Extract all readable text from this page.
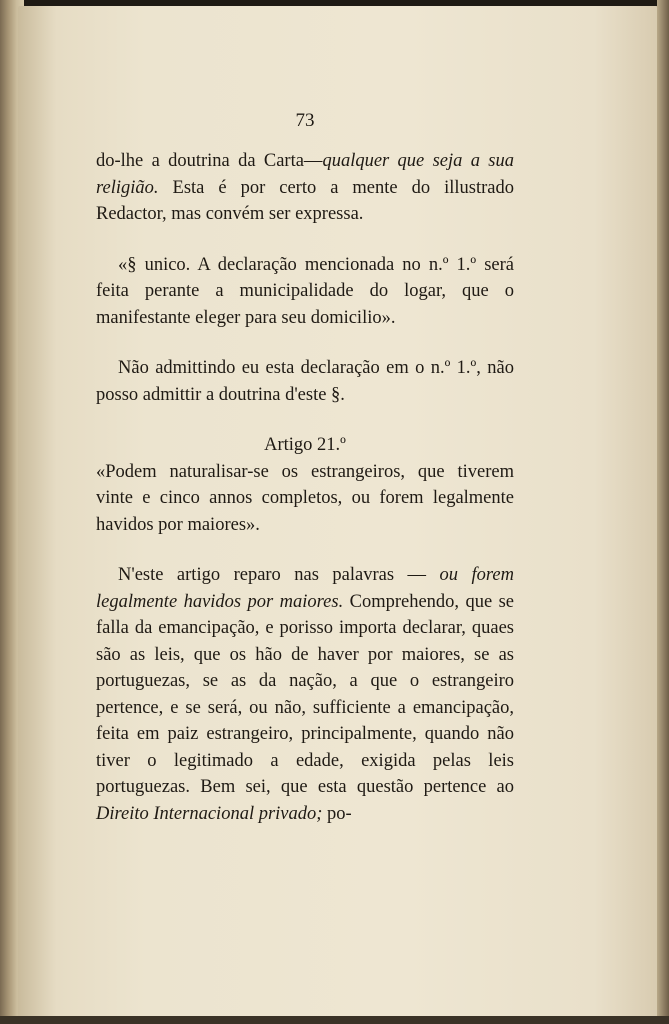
73

do-lhe a doutrina da Carta—qualquer que seja a sua religião. Esta é por certo a mente do illustrado Redactor, mas convém ser expressa.

«§ unico. A declaração mencionada no n.º 1.º será feita perante a municipalidade do logar, que o manifestante eleger para seu domicilio».

Não admittindo eu esta declaração em o n.º 1.º, não posso admittir a doutrina d'este §.

Artigo 21.º

«Podem naturalisar-se os estrangeiros, que tiverem vinte e cinco annos completos, ou forem legalmente havidos por maiores».

N'este artigo reparo nas palavras — ou forem legalmente havidos por maiores. Comprehendo, que se falla da emancipação, e porisso importa declarar, quaes são as leis, que os hão de haver por maiores, se as portuguezas, se as da nação, a que o estrangeiro pertence, e se será, ou não, sufficiente a emancipação, feita em paiz estrangeiro, principalmente, quando não tiver o legitimado a edade, exigida pelas leis portuguezas. Bem sei, que esta questão pertence ao Direito Internacional privado; po-
